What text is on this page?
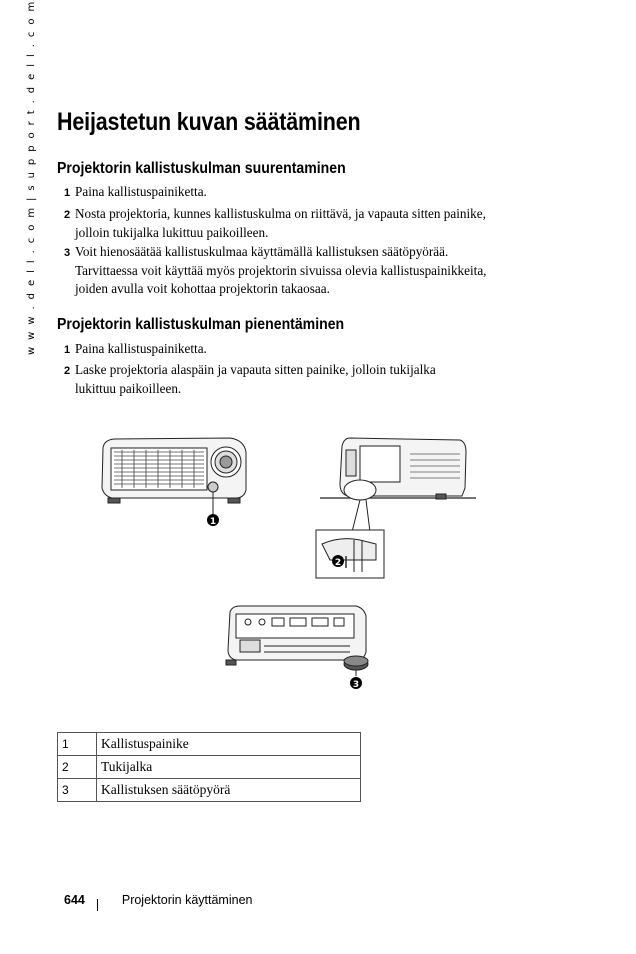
w w w . d e l l . c o m | s u p p o r t . d e l l . c o m Heijastetun kuvan säätäminen
Projektorin kallistuskulman suurentaminen
1 Paina kallistuspainiketta.
2 Nosta projektoria, kunnes kallistuskulma on riittävä, ja vapauta sitten painike,
jolloin tukijalka lukittuu paikoilleen.
3 Voit hienosäätää kallistuskulmaa käyttämällä kallistuksen säätöpyörää.
Tarvittaessa voit käyttää myös projektorin sivuissa olevia kallistuspainikkeita,
joiden avulla voit kohottaa projektorin takaosaa.
Projektorin kallistuskulman pienentäminen
1 Paina kallistuspainiketta.
2 Laske projektoria alaspäin ja vapauta sitten painike, jolloin tukijalka
lukittuu paikoilleen.
1
2
3
1	Kallistuspainike
2	Tukijalka
3	Kallistuksen säätöpyörä
644	Projektorin käyttäminen
